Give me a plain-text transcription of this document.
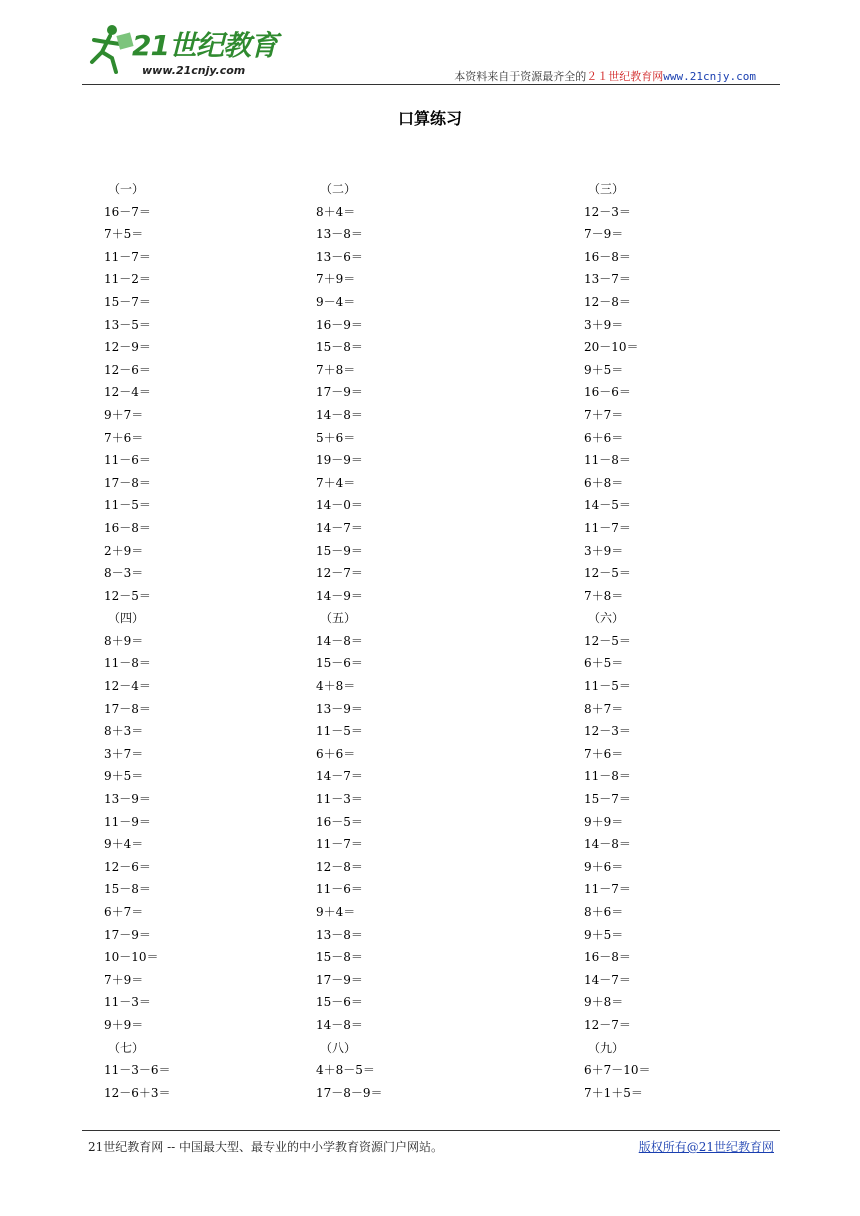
21世纪教育
www.21cnjy.com	本资料来自于资源最齐全的２１世纪教育网www.21cnjy.com
口算练习
（一）
16－7＝
7＋5＝
11－7＝
11－2＝
15－7＝
13－5＝
12－9＝
12－6＝
12－4＝
9＋7＝
7＋6＝
11－6＝
17－8＝
11－5＝
16－8＝
2＋9＝
8－3＝
12－5＝
（四）
8＋9＝
11－8＝
12－4＝
17－8＝
8＋3＝
3＋7＝
9＋5＝
13－9＝
11－9＝
9＋4＝
12－6＝
15－8＝
6＋7＝
17－9＝
10－10＝
7＋9＝
11－3＝
9＋9＝
（七）
11－3－6＝
12－6＋3＝
（二）
8＋4＝
13－8＝
13－6＝
7＋9＝
9－4＝
16－9＝
15－8＝
7＋8＝
17－9＝
14－8＝
5＋6＝
19－9＝
7＋4＝
14－0＝
14－7＝
15－9＝
12－7＝
14－9＝
（五）
14－8＝
15－6＝
4＋8＝
13－9＝
11－5＝
6＋6＝
14－7＝
11－3＝
16－5＝
11－7＝
12－8＝
11－6＝
9＋4＝
13－8＝
15－8＝
17－9＝
15－6＝
14－8＝
（八）
4＋8－5＝
17－8－9＝
（三）
12－3＝
7－9＝
16－8＝
13－7＝
12－8＝
3＋9＝
20－10＝
9＋5＝
16－6＝
7＋7＝
6＋6＝
11－8＝
6＋8＝
14－5＝
11－7＝
3＋9＝
12－5＝
7＋8＝
（六）
12－5＝
6＋5＝
11－5＝
8＋7＝
12－3＝
7＋6＝
11－8＝
15－7＝
9＋9＝
14－8＝
9＋6＝
11－7＝
8＋6＝
9＋5＝
16－8＝
14－7＝
9＋8＝
12－7＝
（九）
6＋7－10＝
7＋1＋5＝
21世纪教育网 -- 中国最大型、最专业的中小学教育资源门户网站。	版权所有@21世纪教育网
